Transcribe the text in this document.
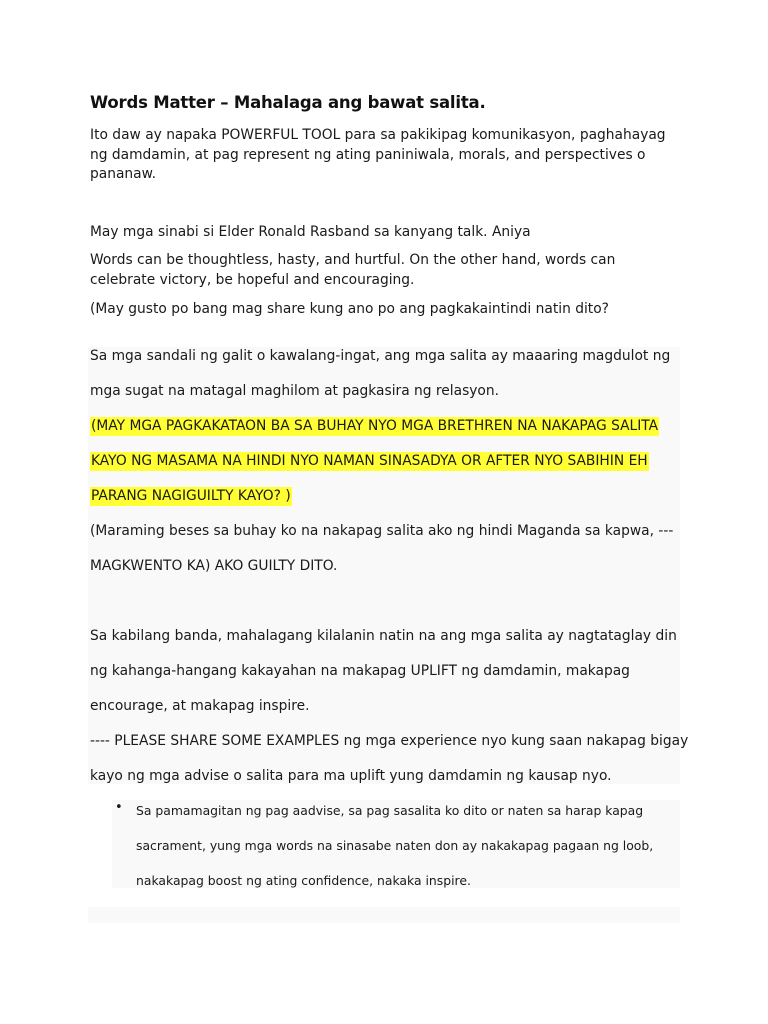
Words Matter – Mahalaga ang bawat salita.
Ito daw ay napaka POWERFUL TOOL para sa pakikipag komunikasyon, paghahayag ng damdamin, at pag represent ng ating paniniwala, morals, and perspectives o pananaw.
May mga sinabi si Elder Ronald Rasband sa kanyang talk. Aniya
Words can be thoughtless, hasty, and hurtful. On the other hand, words can celebrate victory, be hopeful and encouraging.
(May gusto po bang mag share kung ano po ang pagkakaintindi natin dito?
Sa mga sandali ng galit o kawalang-ingat, ang mga salita ay maaaring magdulot ng
mga sugat na matagal maghilom at pagkasira ng relasyon.
(MAY MGA PAGKAKATAON BA SA BUHAY NYO MGA BRETHREN NA NAKAPAG SALITA
KAYO NG MASAMA NA HINDI NYO NAMAN SINASADYA OR AFTER NYO SABIHIN EH
PARANG NAGIGUILTY KAYO? )
(Maraming beses sa buhay ko na nakapag salita ako ng hindi Maganda sa kapwa, ---
MAGKWENTO KA) AKO GUILTY DITO.
Sa kabilang banda, mahalagang kilalanin natin na ang mga salita ay nagtataglay din
ng kahanga-hangang kakayahan na makapag UPLIFT ng damdamin, makapag
encourage, at makapag inspire.
---- PLEASE SHARE SOME EXAMPLES ng mga experience nyo kung saan nakapag bigay
kayo ng mga advise o salita para ma uplift yung damdamin ng kausap nyo.
• Sa pamamagitan ng pag aadvise, sa pag sasalita ko dito or naten sa harap kapag
sacrament, yung mga words na sinasabe naten don ay nakakapag pagaan ng loob,
nakakapag boost ng ating confidence, nakaka inspire.
